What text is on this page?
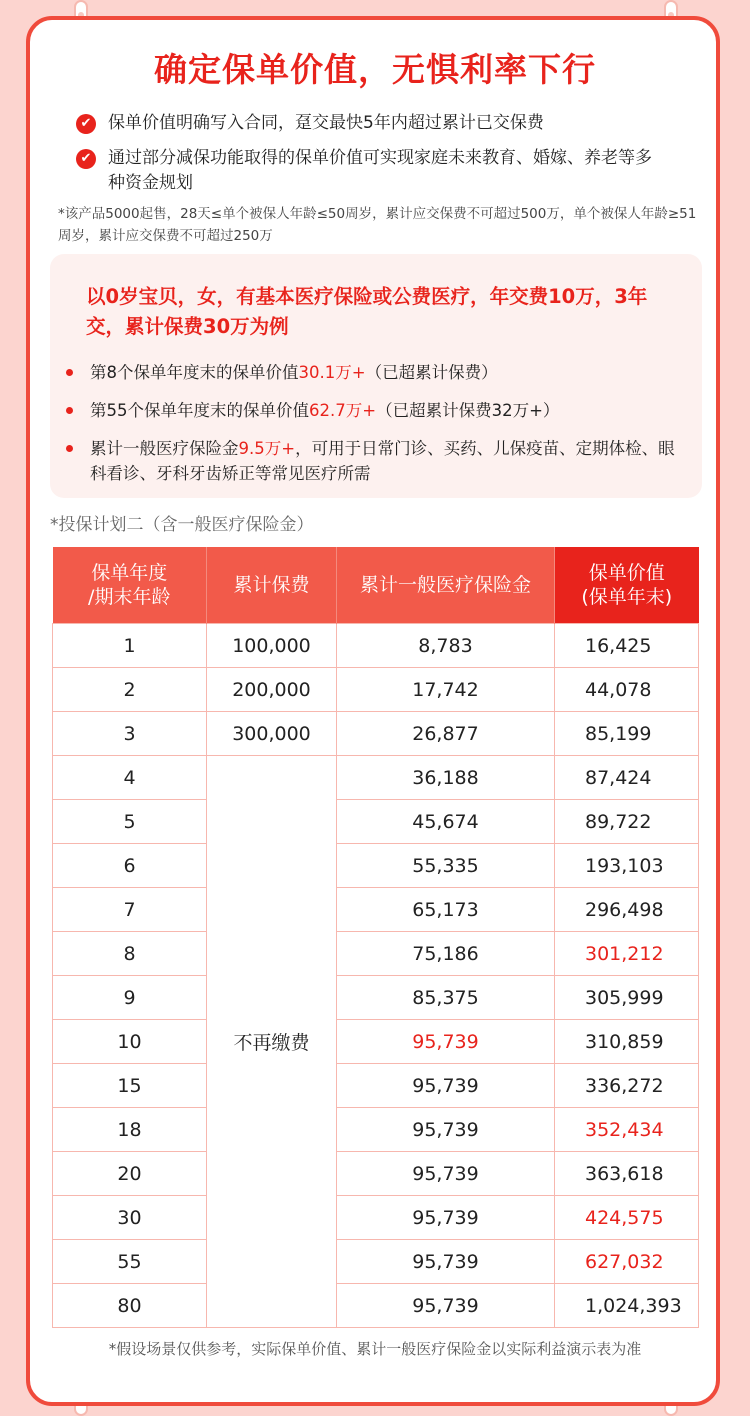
确定保单价值，无惧利率下行
✔ 保单价值明确写入合同，趸交最快5年内超过累计已交保费
✔ 通过部分减保功能取得的保单价值可实现家庭未来教育、婚嫁、养老等多种资金规划
*该产品5000起售，28天≤单个被保人年龄≤50周岁，累计应交保费不可超过500万，单个被保人年龄≥51周岁，累计应交保费不可超过250万
以0岁宝贝，女，有基本医疗保险或公费医疗，年交费10万，3年交，累计保费30万为例
第8个保单年度末的保单价值30.1万+（已超累计保费）
第55个保单年度末的保单价值62.7万+（已超累计保费32万+）
累计一般医疗保险金9.5万+，可用于日常门诊、买药、儿保疫苗、定期体检、眼科看诊、牙科牙齿矫正等常见医疗所需
*投保计划二（含一般医疗保险金）
保单年度
/期末年龄	累计保费	累计一般医疗保险金	保单价值
(保单年末)
1	100,000	8,783	16,425
2	200,000	17,742	44,078
3	300,000	26,877	85,199
4	不再缴费	36,188	87,424
5		45,674	89,722
6		55,335	193,103
7		65,173	296,498
8		75,186	301,212
9		85,375	305,999
10		95,739	310,859
15		95,739	336,272
18		95,739	352,434
20		95,739	363,618
30		95,739	424,575
55		95,739	627,032
80		95,739	1,024,393
*假设场景仅供参考，实际保单价值、累计一般医疗保险金以实际利益演示表为准
